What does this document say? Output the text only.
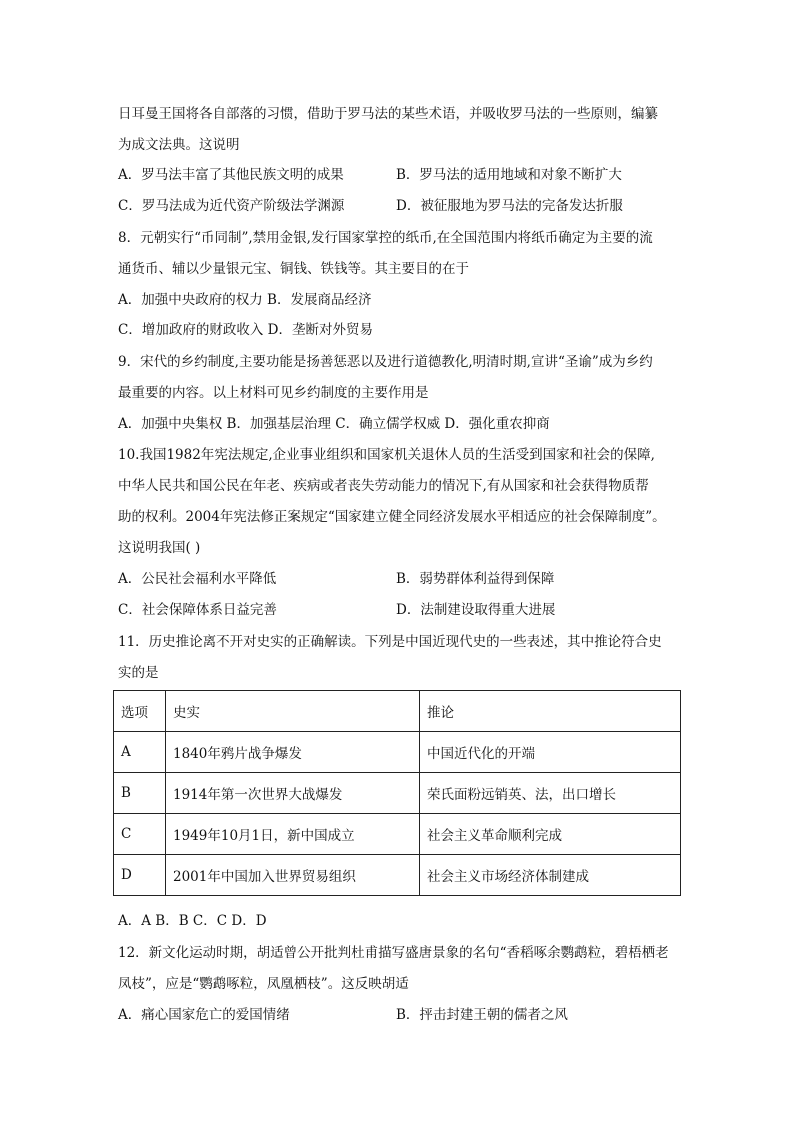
日耳曼王国将各自部落的习惯，借助于罗马法的某些术语，并吸收罗马法的一些原则，编纂
为成文法典。这说明
A．罗马法丰富了其他民族文明的成果	B．罗马法的适用地域和对象不断扩大
C．罗马法成为近代资产阶级法学渊源	D．被征服地为罗马法的完备发达折服
8．元朝实行“币同制”,禁用金银,发行国家掌控的纸币,在全国范围内将纸币确定为主要的流
通货币、辅以少量银元宝、铜钱、铁钱等。其主要目的在于
A．加强中央政府的权力 B．发展商品经济
C．增加政府的财政收入 D．垄断对外贸易
9．宋代的乡约制度,主要功能是扬善惩恶以及进行道德教化,明清时期,宣讲“圣谕”成为乡约
最重要的内容。以上材料可见乡约制度的主要作用是
A．加强中央集权 B．加强基层治理 C．确立儒学权威 D．强化重农抑商
10.我国1982年宪法规定,企业事业组织和国家机关退休人员的生活受到国家和社会的保障,
中华人民共和国公民在年老、疾病或者丧失劳动能力的情况下,有从国家和社会获得物质帮
助的权利。2004年宪法修正案规定“国家建立健全同经济发展水平相适应的社会保障制度”。
这说明我国( )
A．公民社会福利水平降低	B．弱势群体利益得到保障
C．社会保障体系日益完善	D．法制建设取得重大进展
11．历史推论离不开对史实的正确解读。下列是中国近现代史的一些表述，其中推论符合史
实的是
选项	史实	推论
A	1840年鸦片战争爆发	中国近代化的开端
B	1914年第一次世界大战爆发	荣氏面粉远销英、法，出口增长
C	1949年10月1日，新中国成立	社会主义革命顺利完成
D	2001年中国加入世界贸易组织	社会主义市场经济体制建成
A．A B．B C．C D．D
12．新文化运动时期，胡适曾公开批判杜甫描写盛唐景象的名句“香稻啄余鹦鹉粒，碧梧栖老
凤枝”，应是“鹦鹉啄粒，凤凰栖枝”。这反映胡适
A．痛心国家危亡的爱国情绪	B．抨击封建王朝的儒者之风
